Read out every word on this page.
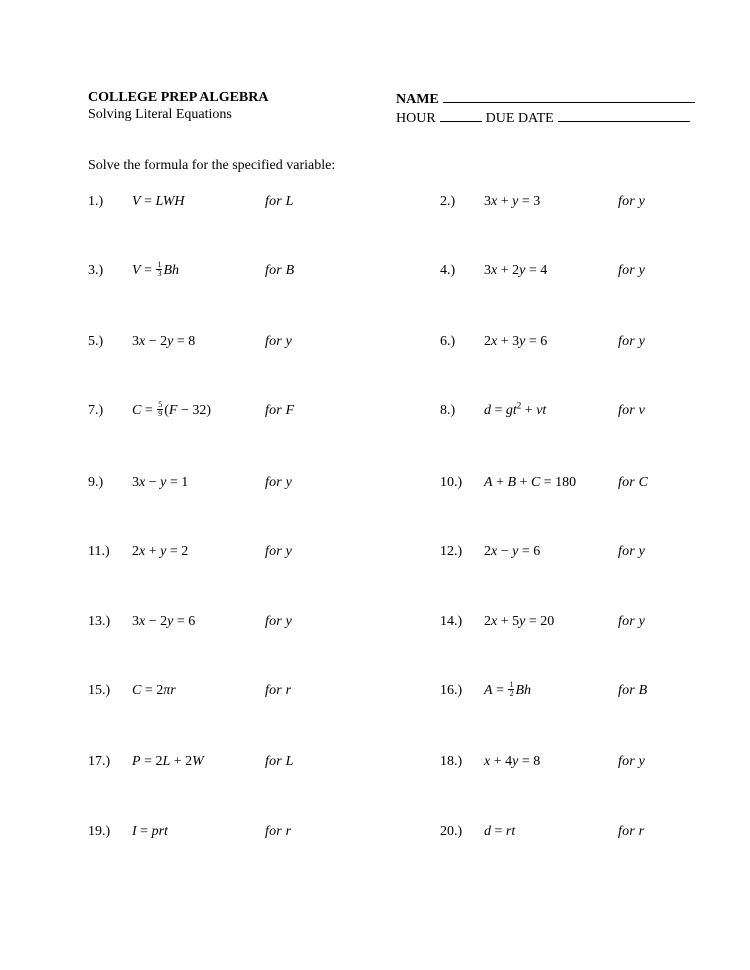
COLLEGE PREP ALGEBRA
Solving Literal Equations
NAME
HOUR	DUE DATE
Solve the formula for the specified variable:
1.) V = LWH	for L	2.) 3x + y = 3	for y
3.) $V = \frac{1}{3}$ Bh	for B	4.) 3x + 2y = 4	for y
5.) 3x − 2y = 8	for y	6.) 2x + 3y = 6	for y
7.) $C = \frac{5}{9} (F - 32)$	for F	8.) $d = gt^2$ + vt	for v
9.) 3x − y = 1	for y	10.) A + B + C = 180	for C
11.) 2x + y = 2	for y	12.) 2x − y = 6	for y
13.) 3x − 2y = 6	for y	14.) 2x + 5y = 20	for y
15.) C = 2πr	for r	16.) $A = \frac{1}{2}$ Bh	for B
17.) P = 2L + 2W	for L	18.) x + 4y = 8	for y
19.) I = prt	for r	20.) d = rt	for r
